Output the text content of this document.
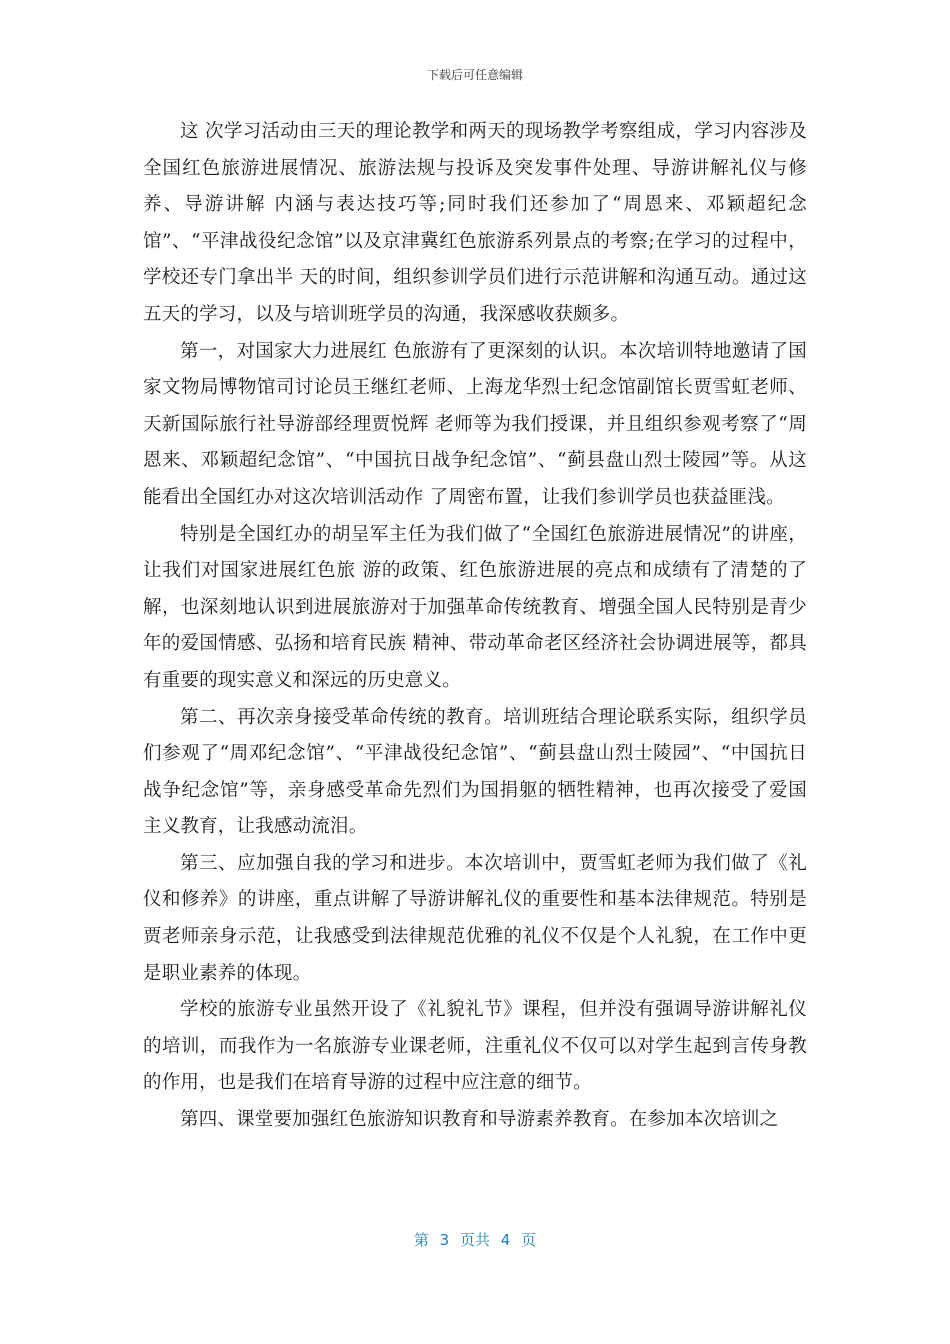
下载后可任意编辑

这 次学习活动由三天的理论教学和两天的现场教学考察组成，学习内容涉及全国红色旅游进展情况、旅游法规与投诉及突发事件处理、导游讲解礼仪与修养、导游讲解 内涵与表达技巧等;同时我们还参加了“周恩来、邓颖超纪念馆”、“平津战役纪念馆”以及京津冀红色旅游系列景点的考察;在学习的过程中，学校还专门拿出半 天的时间，组织参训学员们进行示范讲解和沟通互动。通过这五天的学习，以及与培训班学员的沟通，我深感收获颇多。

第一，对国家大力进展红 色旅游有了更深刻的认识。本次培训特地邀请了国家文物局博物馆司讨论员王继红老师、上海龙华烈士纪念馆副馆长贾雪虹老师、天新国际旅行社导游部经理贾悦辉 老师等为我们授课，并且组织参观考察了“周恩来、邓颖超纪念馆”、“中国抗日战争纪念馆”、“蓟县盘山烈士陵园”等。从这能看出全国红办对这次培训活动作 了周密布置，让我们参训学员也获益匪浅。

特别是全国红办的胡呈军主任为我们做了“全国红色旅游进展情况”的讲座，让我们对国家进展红色旅 游的政策、红色旅游进展的亮点和成绩有了清楚的了解，也深刻地认识到进展旅游对于加强革命传统教育、增强全国人民特别是青少年的爱国情感、弘扬和培育民族 精神、带动革命老区经济社会协调进展等，都具有重要的现实意义和深远的历史意义。

第二、再次亲身接受革命传统的教育。培训班结合理论联系实际，组织学员们参观了“周邓纪念馆”、“平津战役纪念馆”、“蓟县盘山烈士陵园”、“中国抗日战争纪念馆”等，亲身感受革命先烈们为国捐躯的牺牲精神，也再次接受了爱国主义教育，让我感动流泪。

第三、应加强自我的学习和进步。本次培训中，贾雪虹老师为我们做了《礼仪和修养》的讲座，重点讲解了导游讲解礼仪的重要性和基本法律规范。特别是贾老师亲身示范，让我感受到法律规范优雅的礼仪不仅是个人礼貌，在工作中更是职业素养的体现。

学校的旅游专业虽然开设了《礼貌礼节》课程，但并没有强调导游讲解礼仪的培训，而我作为一名旅游专业课老师，注重礼仪不仅可以对学生起到言传身教的作用，也是我们在培育导游的过程中应注意的细节。

第四、课堂要加强红色旅游知识教育和导游素养教育。在参加本次培训之

第 3 页共 4 页
